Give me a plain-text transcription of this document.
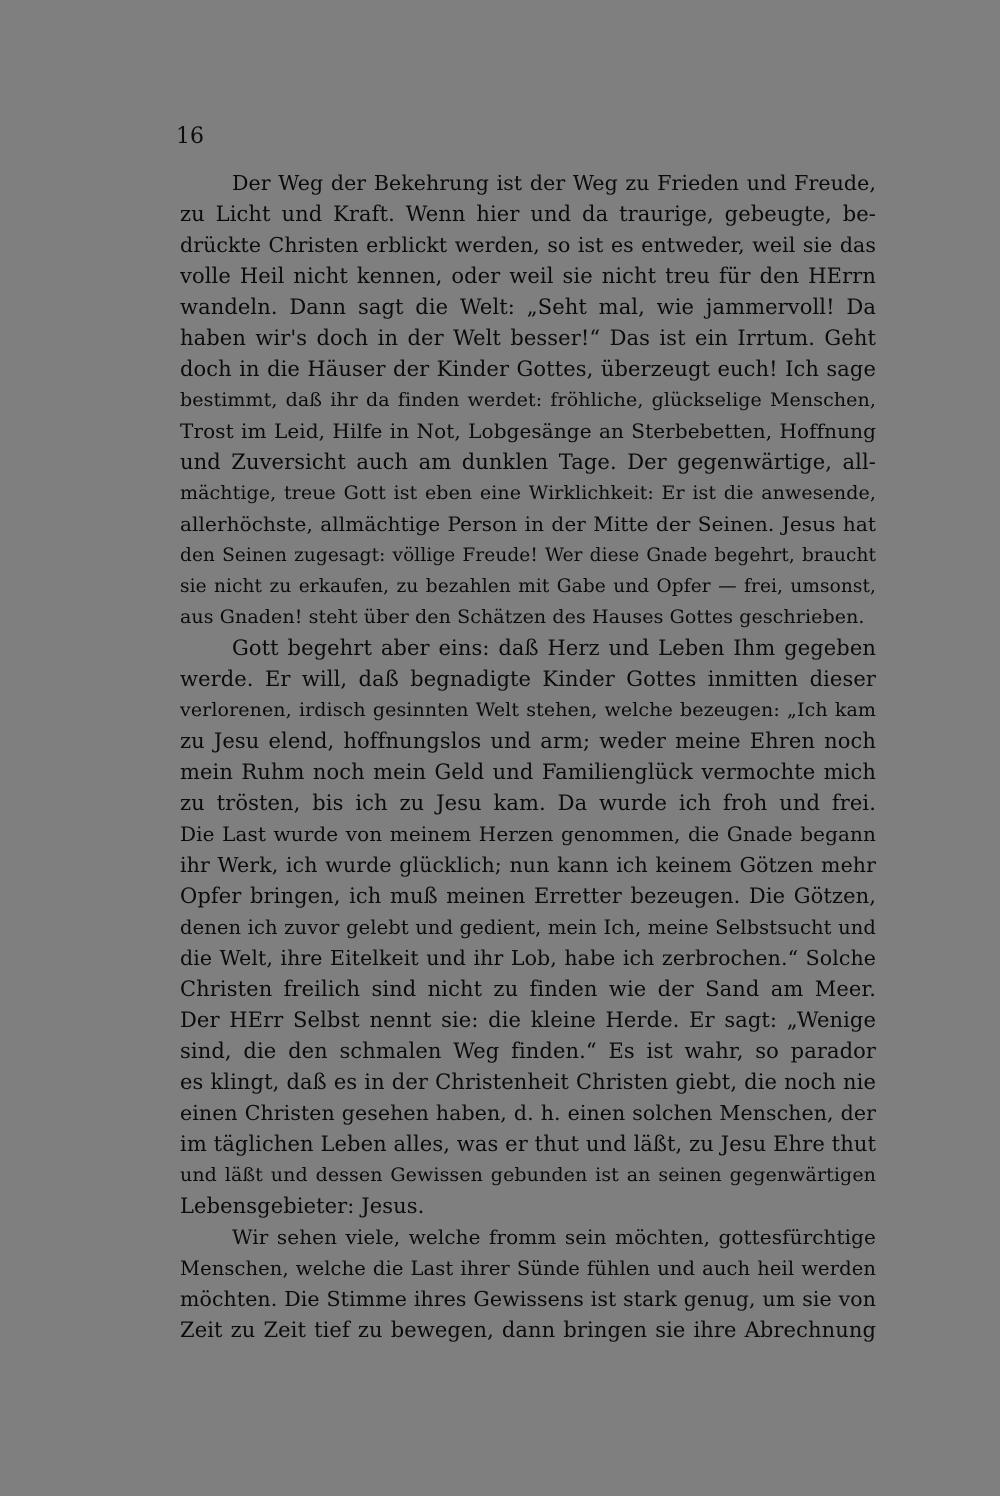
16
Der Weg der Bekehrung ist der Weg zu Frieden und Freude,
zu Licht und Kraft. Wenn hier und da traurige, gebeugte, be-
drückte Christen erblickt werden, so ist es entweder, weil sie das
volle Heil nicht kennen, oder weil sie nicht treu für den HErrn
wandeln. Dann sagt die Welt: „Seht mal, wie jammervoll! Da
haben wir's doch in der Welt besser!“ Das ist ein Irrtum. Geht
doch in die Häuser der Kinder Gottes, überzeugt euch! Ich sage
bestimmt, daß ihr da finden werdet: fröhliche, glückselige Menschen,
Trost im Leid, Hilfe in Not, Lobgesänge an Sterbebetten, Hoffnung
und Zuversicht auch am dunklen Tage. Der gegenwärtige, all-
mächtige, treue Gott ist eben eine Wirklichkeit: Er ist die anwesende,
allerhöchste, allmächtige Person in der Mitte der Seinen. Jesus hat
den Seinen zugesagt: völlige Freude! Wer diese Gnade begehrt, braucht
sie nicht zu erkaufen, zu bezahlen mit Gabe und Opfer — frei, umsonst,
aus Gnaden! steht über den Schätzen des Hauses Gottes geschrieben.
Gott begehrt aber eins: daß Herz und Leben Ihm gegeben
werde. Er will, daß begnadigte Kinder Gottes inmitten dieser
verlorenen, irdisch gesinnten Welt stehen, welche bezeugen: „Ich kam
zu Jesu elend, hoffnungslos und arm; weder meine Ehren noch
mein Ruhm noch mein Geld und Familienglück vermochte mich
zu trösten, bis ich zu Jesu kam. Da wurde ich froh und frei.
Die Last wurde von meinem Herzen genommen, die Gnade begann
ihr Werk, ich wurde glücklich; nun kann ich keinem Götzen mehr
Opfer bringen, ich muß meinen Erretter bezeugen. Die Götzen,
denen ich zuvor gelebt und gedient, mein Ich, meine Selbstsucht und
die Welt, ihre Eitelkeit und ihr Lob, habe ich zerbrochen.“ Solche
Christen freilich sind nicht zu finden wie der Sand am Meer.
Der HErr Selbst nennt sie: die kleine Herde. Er sagt: „Wenige
sind, die den schmalen Weg finden.“ Es ist wahr, so parador
es klingt, daß es in der Christenheit Christen giebt, die noch nie
einen Christen gesehen haben, d. h. einen solchen Menschen, der
im täglichen Leben alles, was er thut und läßt, zu Jesu Ehre thut
und läßt und dessen Gewissen gebunden ist an seinen gegenwärtigen
Lebensgebieter: Jesus.
Wir sehen viele, welche fromm sein möchten, gottesfürchtige
Menschen, welche die Last ihrer Sünde fühlen und auch heil werden
möchten. Die Stimme ihres Gewissens ist stark genug, um sie von
Zeit zu Zeit tief zu bewegen, dann bringen sie ihre Abrechnung
